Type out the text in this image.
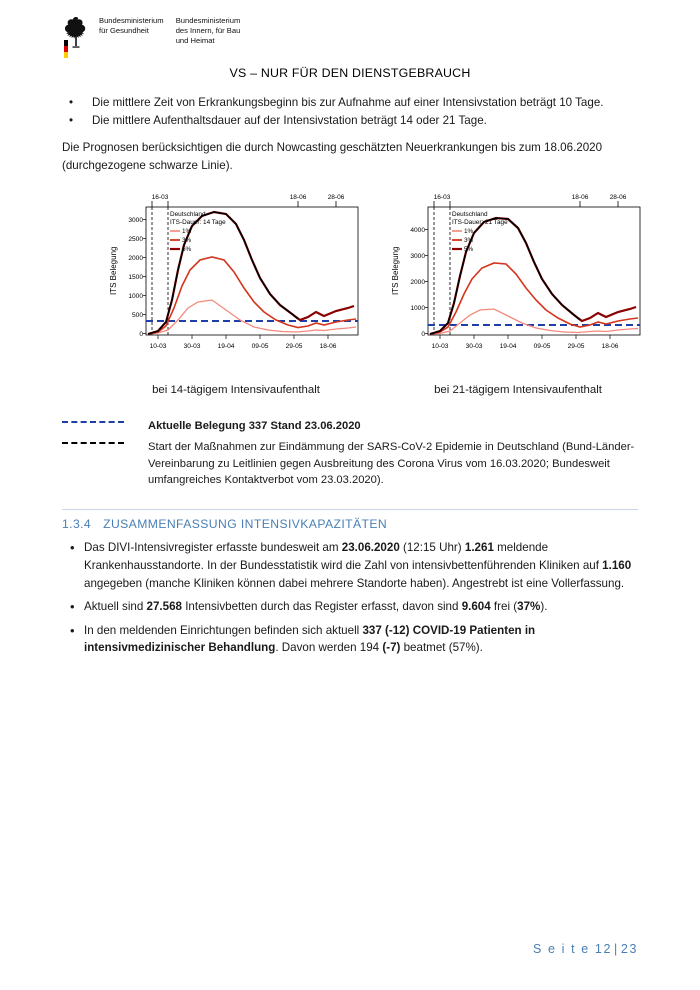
Bundesministerium
für Gesundheit

Bundesministerium
des Innern, für Bau
und Heimat
VS – NUR FÜR DEN DIENSTGEBRAUCH
•	Die mittlere Zeit von Erkrankungsbeginn bis zur Aufnahme auf einer Intensivstation beträgt 10 Tage.
•	Die mittlere Aufenthaltsdauer auf der Intensivstation beträgt 14 oder 21 Tage.
Die Prognosen berücksichtigen die durch Nowcasting geschätzten Neuerkrankungen bis zum 18.06.2020 (durchgezogene schwarze Linie).
16-03	18-06	28-06
0
500
1000
1500
2000
2500
3000
ITS Belegung
10-03	30-03	19-04	09-05	29-05	18-06
Deutschland
ITS-Dauer: 14 Tage
1%
3%
5%
bei 14-tägigem Intensivaufenthalt
16-03	18-06	28-06
0
1000
2000
3000
4000
ITS Belegung
10-03	30-03	19-04	09-05	29-05	18-06
Deutschland
ITS-Dauer: 21 Tage
1%
3%
5%
bei 21-tägigem Intensivaufenthalt
Aktuelle Belegung 337 Stand 23.06.2020
Start der Maßnahmen zur Eindämmung der SARS-CoV-2 Epidemie in Deutschland (Bund-Länder-Vereinbarung zu Leitlinien gegen Ausbreitung des Corona Virus vom 16.03.2020; Bundesweit umfangreiches Kontaktverbot vom 23.03.2020).
1.3.4 ZUSAMMENFASSUNG INTENSIVKAPAZITÄTEN
• Das DIVI-Intensivregister erfasste bundesweit am 23.06.2020 (12:15 Uhr) 1.261 meldende Krankenhausstandorte. In der Bundesstatistik wird die Zahl von intensivbettenführenden Kliniken auf 1.160 angegeben (manche Kliniken können dabei mehrere Standorte haben). Angestrebt ist eine Vollerfassung.
• Aktuell sind 27.568 Intensivbetten durch das Register erfasst, davon sind 9.604 frei (37%).
• In den meldenden Einrichtungen befinden sich aktuell 337 (-12) COVID-19 Patienten in intensivmedizinischer Behandlung. Davon werden 194 (-7) beatmet (57%).
S e i t e 12 | 23
